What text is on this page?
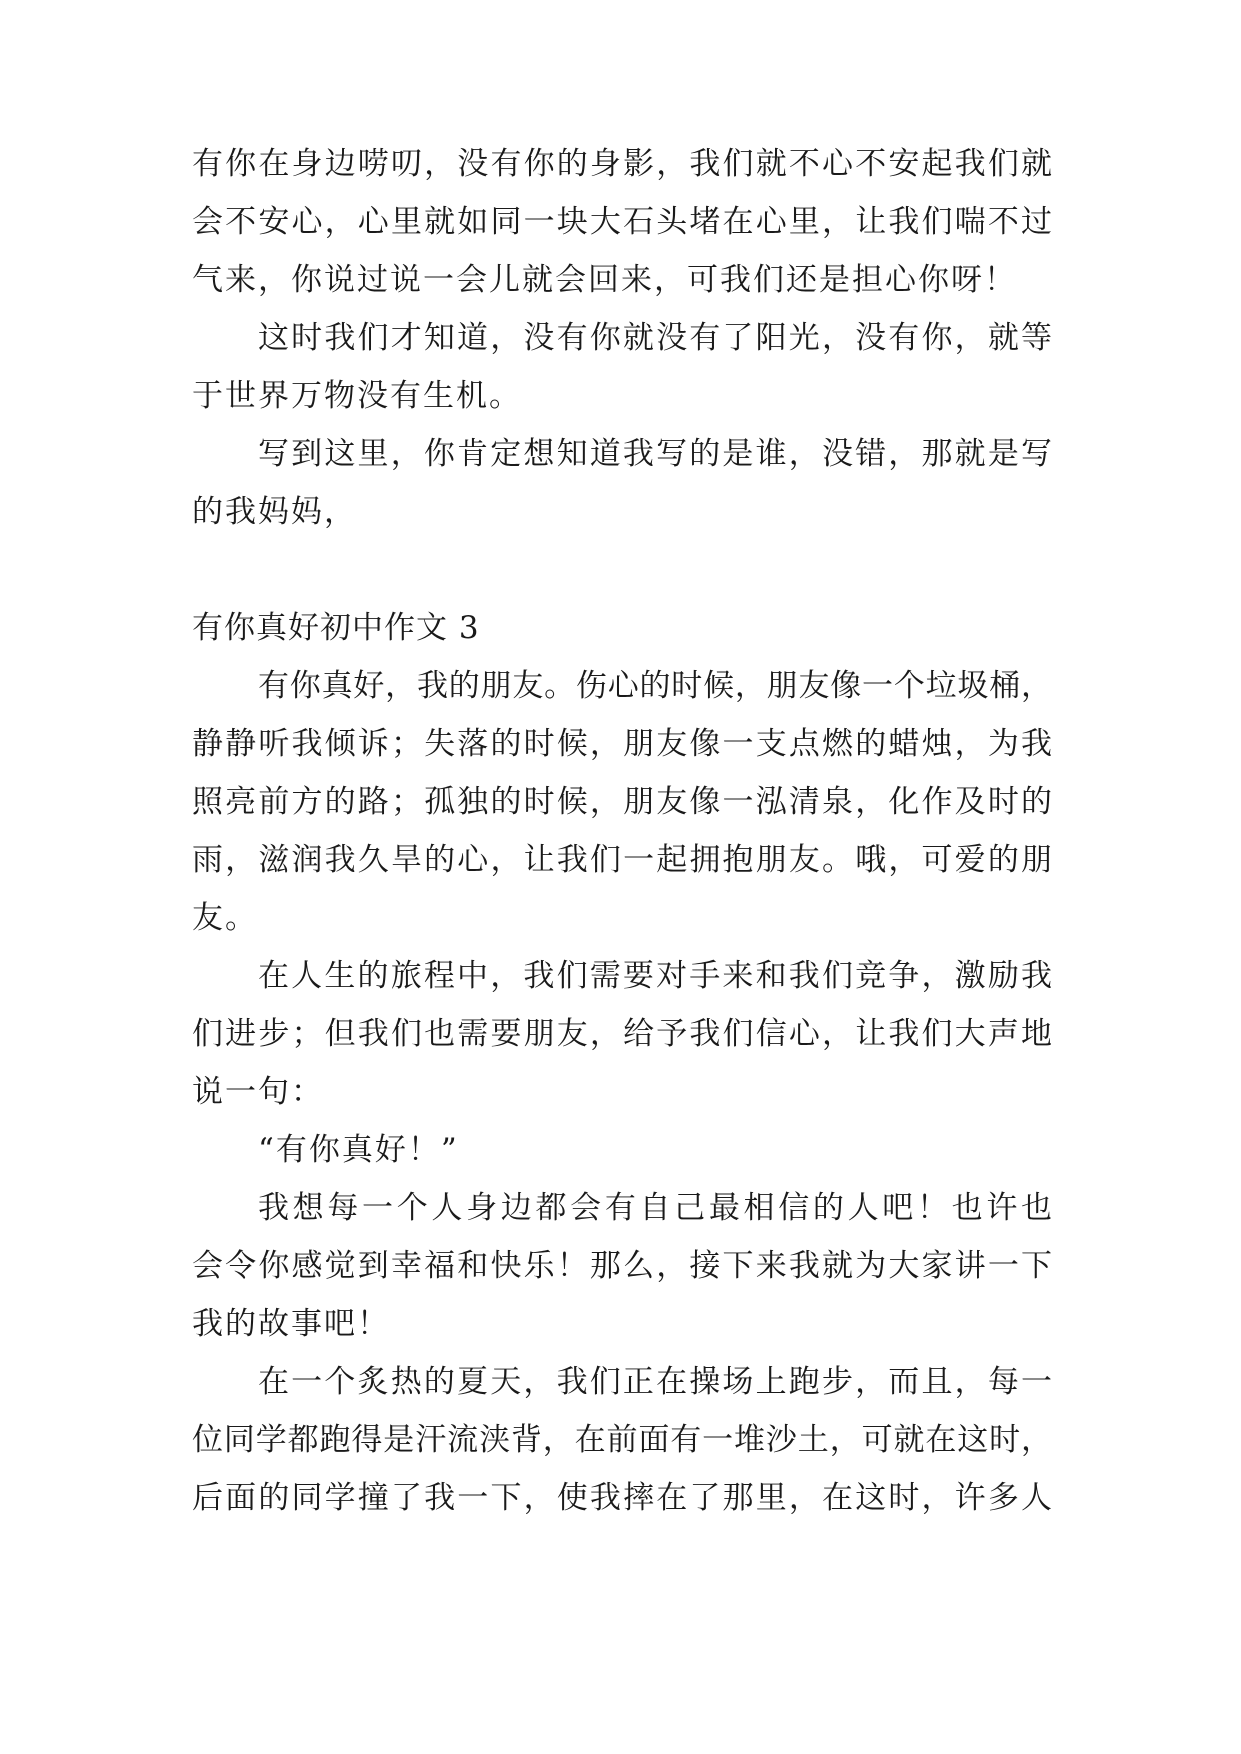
有你在身边唠叨，没有你的身影，我们就不心不安起我们就
会不安心，心里就如同一块大石头堵在心里，让我们喘不过
气来，你说过说一会儿就会回来，可我们还是担心你呀！
这时我们才知道，没有你就没有了阳光，没有你，就等
于世界万物没有生机。
写到这里，你肯定想知道我写的是谁，没错，那就是写
的我妈妈，
有你真好初中作文 3
有你真好，我的朋友。伤心的时候，朋友像一个垃圾桶，
静静听我倾诉；失落的时候，朋友像一支点燃的蜡烛，为我
照亮前方的路；孤独的时候，朋友像一泓清泉，化作及时的
雨，滋润我久旱的心，让我们一起拥抱朋友。哦，可爱的朋
友。
在人生的旅程中，我们需要对手来和我们竞争，激励我
们进步；但我们也需要朋友，给予我们信心，让我们大声地
说一句：
“有你真好！”
我想每一个人身边都会有自己最相信的人吧！也许也
会令你感觉到幸福和快乐！那么，接下来我就为大家讲一下
我的故事吧！
在一个炙热的夏天，我们正在操场上跑步，而且，每一
位同学都跑得是汗流浃背，在前面有一堆沙土，可就在这时，
后面的同学撞了我一下，使我摔在了那里，在这时，许多人
